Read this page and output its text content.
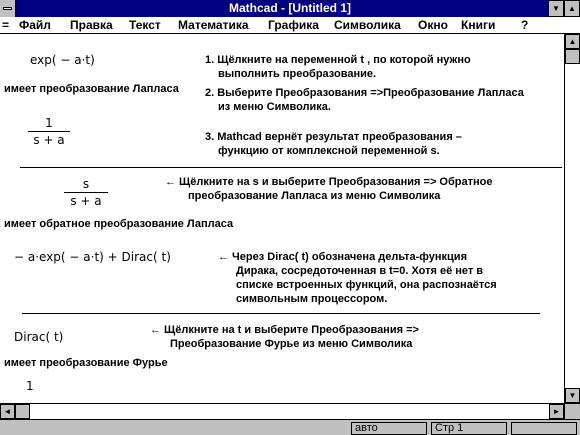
Mathcad - [Untitled 1]	▼	▲
= Файл Правка Текст Математика Графика Символика Окно Книги ?
exp( − a·t)
имеет преобразование Лапласа
1
s + a
1. Щёлкните на переменной t , по которой нужно
выполнить преобразование.
2. Выберите Преобразования =>Преобразование Лапласа
из меню Символика.
3. Mathcad вернёт результат преобразования –
функцию от комплексной переменной s.
s
s + a
← Щёлкните на s и выберите Преобразования => Обратное
преобразование Лапласа из меню Символика
имеет обратное преобразование Лапласа
− a·exp( − a·t) + Dirac( t)	← Через Dirac( t) обозначена дельта-функция
Дирака, сосредоточенная в t=0. Хотя её нет в
списке встроенных функций, она распознаётся
символьным процессором.
Dirac( t)	← Щёлкните на t и выберите Преобразования =>
Преобразование Фурье из меню Символика
имеет преобразование Фурье
1
▲
▼
◄	►
авто	Стр 1
